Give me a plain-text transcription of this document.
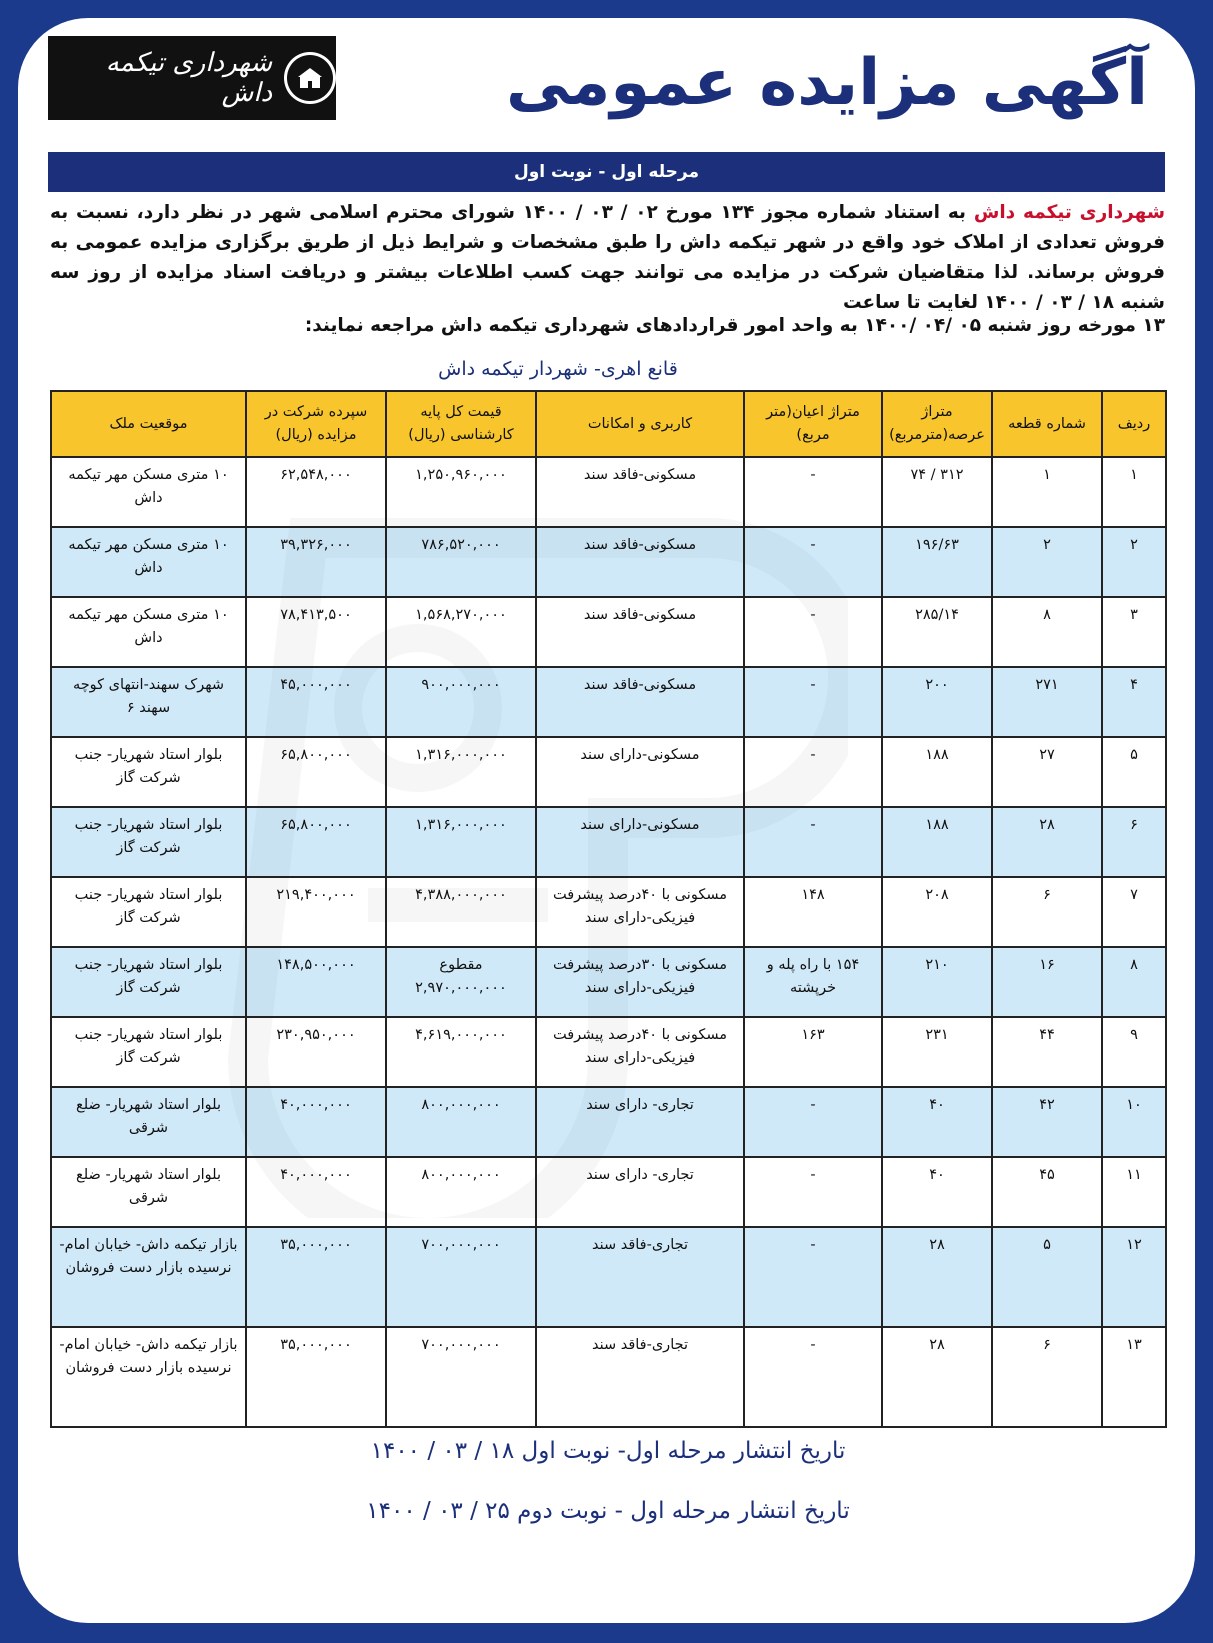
شهرداری تیکمه داش	آگهی مزایده عمومی
مرحله اول - نوبت اول
شهرداری تیکمه داش به استناد شماره مجوز ۱۳۴ مورخ ۰۲ / ۰۳ / ۱۴۰۰ شورای محترم اسلامی شهر در نظر دارد، نسبت به فروش تعدادی از املاک خود واقع در شهر تیکمه داش را طبق مشخصات و شرایط ذیل از طریق برگزاری مزایده عمومی به فروش برساند. لذا متقاضیان شرکت در مزایده می توانند جهت کسب اطلاعات بیشتر و دریافت اسناد مزایده از روز سه شنبه ۱۸ / ۰۳ / ۱۴۰۰ لغایت تا ساعت
۱۳ مورخه روز شنبه ۰۵ /۰۴ /۱۴۰۰ به واحد امور قراردادهای شهرداری تیکمه داش مراجعه نمایند:
قانع اهری- شهردار تیکمه داش
ردیف	شماره قطعه	متراژ عرصه(مترمربع)	متراژ اعیان(متر مربع)	کاربری و امکانات	قیمت کل پایه کارشناسی (ریال)	سپرده شرکت در مزایده (ریال)	موقعیت ملک
۱	۱	۳۱۲ / ۷۴	-	مسکونی-فاقد سند	۱,۲۵۰,۹۶۰,۰۰۰	۶۲,۵۴۸,۰۰۰	۱۰ متری مسکن مهر تیکمه داش
۲	۲	۱۹۶/۶۳	-	مسکونی-فاقد سند	۷۸۶,۵۲۰,۰۰۰	۳۹,۳۲۶,۰۰۰	۱۰ متری مسکن مهر تیکمه داش
۳	۸	۲۸۵/۱۴	-	مسکونی-فاقد سند	۱,۵۶۸,۲۷۰,۰۰۰	۷۸,۴۱۳,۵۰۰	۱۰ متری مسکن مهر تیکمه داش
۴	۲۷۱	۲۰۰	-	مسکونی-فاقد سند	۹۰۰,۰۰۰,۰۰۰	۴۵,۰۰۰,۰۰۰	شهرک سهند-انتهای کوچه سهند ۶
۵	۲۷	۱۸۸	-	مسکونی-دارای سند	۱,۳۱۶,۰۰۰,۰۰۰	۶۵,۸۰۰,۰۰۰	بلوار استاد شهریار- جنب شرکت گاز
۶	۲۸	۱۸۸	-	مسکونی-دارای سند	۱,۳۱۶,۰۰۰,۰۰۰	۶۵,۸۰۰,۰۰۰	بلوار استاد شهریار- جنب شرکت گاز
۷	۶	۲۰۸	۱۴۸	مسکونی با ۴۰درصد پیشرفت فیزیکی-دارای سند	۴,۳۸۸,۰۰۰,۰۰۰	۲۱۹,۴۰۰,۰۰۰	بلوار استاد شهریار- جنب شرکت گاز
۸	۱۶	۲۱۰	۱۵۴ با راه پله و خرپشته	مسکونی با ۳۰درصد پیشرفت فیزیکی-دارای سند	مقطوع ۲,۹۷۰,۰۰۰,۰۰۰	۱۴۸,۵۰۰,۰۰۰	بلوار استاد شهریار- جنب شرکت گاز
۹	۴۴	۲۳۱	۱۶۳	مسکونی با ۴۰درصد پیشرفت فیزیکی-دارای سند	۴,۶۱۹,۰۰۰,۰۰۰	۲۳۰,۹۵۰,۰۰۰	بلوار استاد شهریار- جنب شرکت گاز
۱۰	۴۲	۴۰	-	تجاری- دارای سند	۸۰۰,۰۰۰,۰۰۰	۴۰,۰۰۰,۰۰۰	بلوار استاد شهریار- ضلع شرقی
۱۱	۴۵	۴۰	-	تجاری- دارای سند	۸۰۰,۰۰۰,۰۰۰	۴۰,۰۰۰,۰۰۰	بلوار استاد شهریار- ضلع شرقی
۱۲	۵	۲۸	-	تجاری-فاقد سند	۷۰۰,۰۰۰,۰۰۰	۳۵,۰۰۰,۰۰۰	بازار تیکمه داش- خیابان امام-نرسیده بازار دست فروشان
۱۳	۶	۲۸	-	تجاری-فاقد سند	۷۰۰,۰۰۰,۰۰۰	۳۵,۰۰۰,۰۰۰	بازار تیکمه داش- خیابان امام-نرسیده بازار دست فروشان
تاریخ انتشار مرحله اول- نوبت اول ۱۸ / ۰۳ / ۱۴۰۰
تاریخ انتشار مرحله اول - نوبت دوم ۲۵ / ۰۳ / ۱۴۰۰
